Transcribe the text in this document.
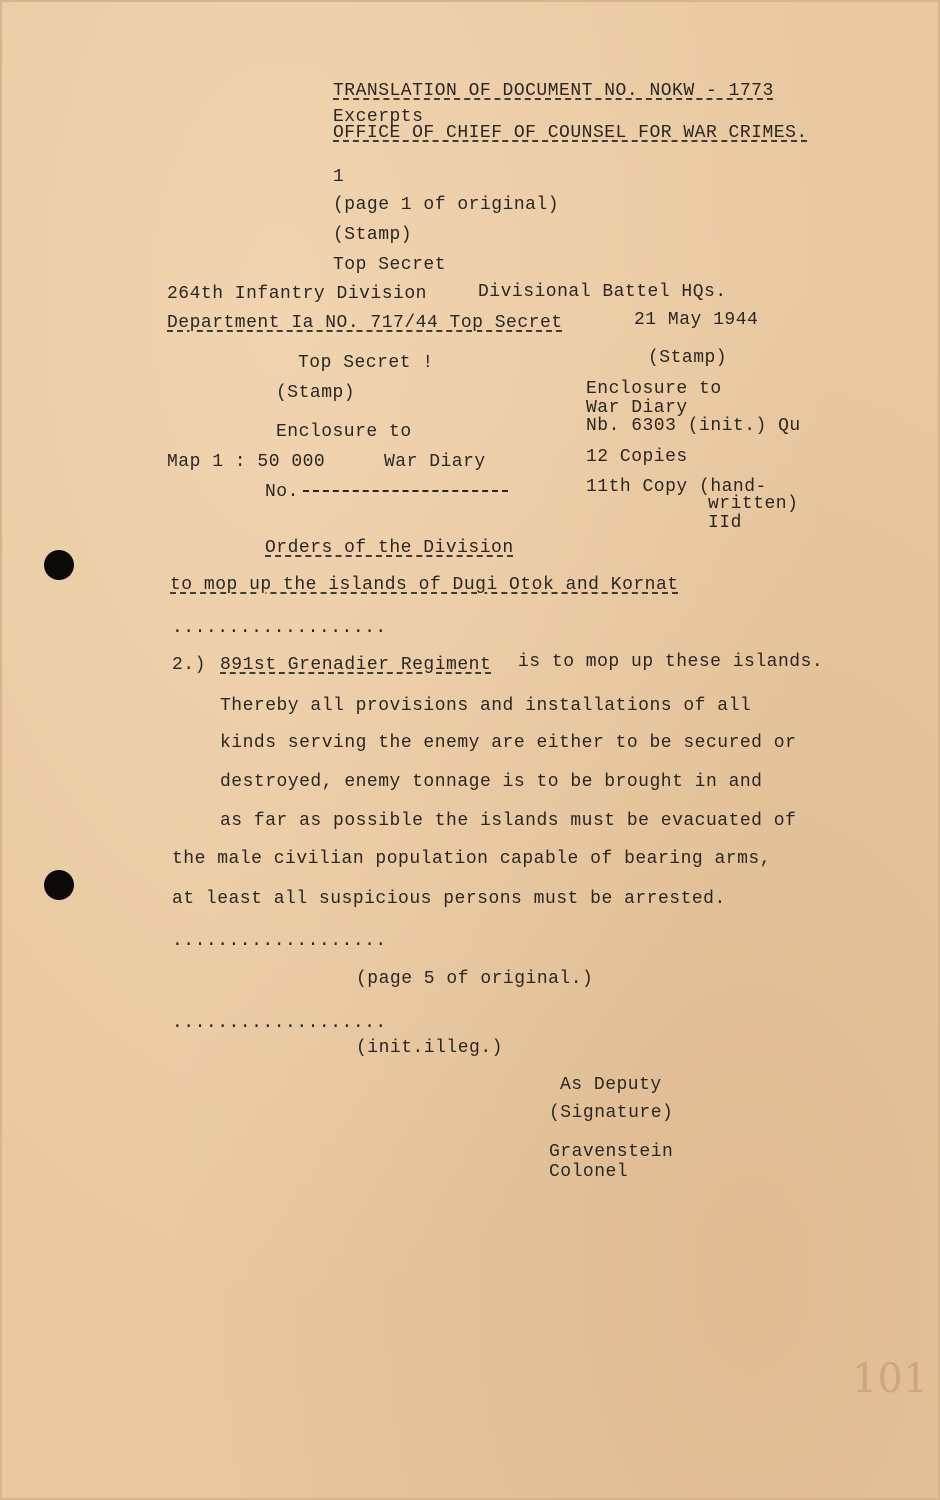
TRANSLATION OF DOCUMENT NO. NOKW - 1773
Excerpts
OFFICE OF CHIEF OF COUNSEL FOR WAR CRIMES.
1
(page 1 of original)
(Stamp)
Top Secret
264th Infantry Division	Divisional Battel HQs.
Department Ia NO. 717/44 Top Secret	21 May 1944
Top Secret !
(Stamp)
Enclosure to
Map 1 : 50 000	War Diary
No.
(Stamp)
Enclosure to
War Diary
Nb. 6303 (init.) Qu
12 Copies
11th Copy (hand-
written)
IId
Orders of the Division
to mop up the islands of Dugi Otok and Kornat
...................
2.) 891st Grenadier Regiment is to mop up these islands.
Thereby all provisions and installations of all
kinds serving the enemy are either to be secured or
destroyed, enemy tonnage is to be brought in and
as far as possible the islands must be evacuated of
the male civilian population capable of bearing arms,
at least all suspicious persons must be arrested.
...................
(page 5 of original.)
...................
(init.illeg.)
As Deputy
(Signature)
Gravenstein
Colonel
101
